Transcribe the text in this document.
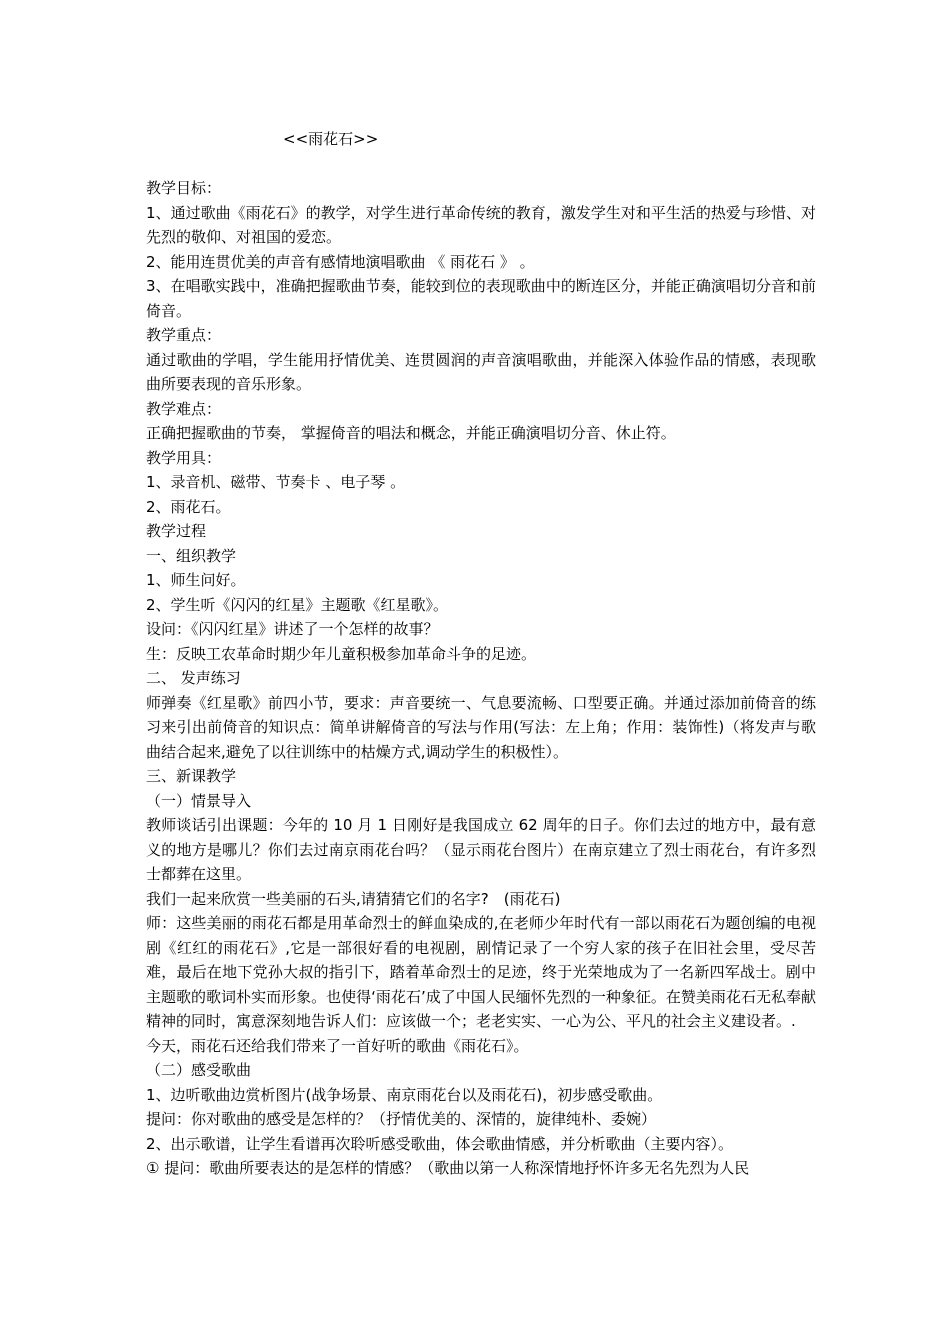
<<雨花石>>

教学目标：

1、通过歌曲《雨花石》的教学，对学生进行革命传统的教育，激发学生对和平生活的热爱与珍惜、对先烈的敬仰、对祖国的爱恋。

2、能用连贯优美的声音有感情地演唱歌曲 《 雨花石 》 。

3、在唱歌实践中，准确把握歌曲节奏，能较到位的表现歌曲中的断连区分，并能正确演唱切分音和前倚音。

教学重点：

通过歌曲的学唱，学生能用抒情优美、连贯圆润的声音演唱歌曲，并能深入体验作品的情感，表现歌曲所要表现的音乐形象。

教学难点：

正确把握歌曲的节奏， 掌握倚音的唱法和概念，并能正确演唱切分音、休止符。

教学用具：

1、录音机、磁带、节奏卡 、电子琴 。

2、雨花石。

教学过程

一、组织教学

1、师生问好。

2、学生听《闪闪的红星》主题歌《红星歌》。

设问：《闪闪红星》讲述了一个怎样的故事？

生：反映工农革命时期少年儿童积极参加革命斗争的足迹。

二、 发声练习

师弹奏《红星歌》前四小节，要求：声音要统一、气息要流畅、口型要正确。并通过添加前倚音的练习来引出前倚音的知识点：简单讲解倚音的写法与作用(写法：左上角；作用：装饰性)（将发声与歌曲结合起来,避免了以往训练中的枯燥方式,调动学生的积极性）。

三、新课教学

（一）情景导入

教师谈话引出课题：今年的 10 月 1 日刚好是我国成立 62 周年的日子。你们去过的地方中，最有意义的地方是哪儿？你们去过南京雨花台吗？（显示雨花台图片）在南京建立了烈士雨花台，有许多烈士都葬在这里。

我们一起来欣赏一些美丽的石头,请猜猜它们的名字?　(雨花石)

师：这些美丽的雨花石都是用革命烈士的鲜血染成的,在老师少年时代有一部以雨花石为题创编的电视剧《红红的雨花石》,它是一部很好看的电视剧，剧情记录了一个穷人家的孩子在旧社会里，受尽苦难，最后在地下党孙大叔的指引下，踏着革命烈士的足迹，终于光荣地成为了一名新四军战士。剧中主题歌的歌词朴实而形象。也使得‘雨花石’成了中国人民缅怀先烈的一种象征。在赞美雨花石无私奉献精神的同时，寓意深刻地告诉人们：应该做一个；老老实实、一心为公、平凡的社会主义建设者。.

今天，雨花石还给我们带来了一首好听的歌曲《雨花石》。

（二）感受歌曲

1、边听歌曲边赏析图片(战争场景、南京雨花台以及雨花石)，初步感受歌曲。

提问：你对歌曲的感受是怎样的？（抒情优美的、深情的，旋律纯朴、委婉）

2、出示歌谱，让学生看谱再次聆听感受歌曲，体会歌曲情感，并分析歌曲（主要内容）。

① 提问：歌曲所要表达的是怎样的情感？（歌曲以第一人称深情地抒怀许多无名先烈为人民
